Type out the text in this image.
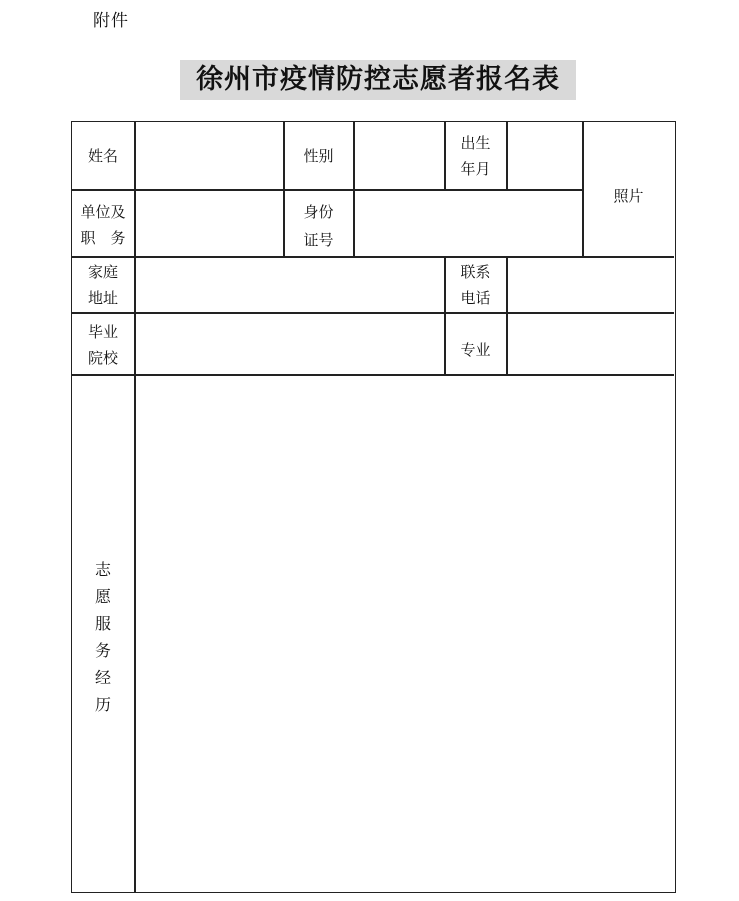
附件
徐州市疫情防控志愿者报名表
姓名	性别
出生
年月
照片
单位及
职　务
身份
证号
家庭
地址
联系
电话
毕业
院校	专业
志
愿
服
务
经
历
